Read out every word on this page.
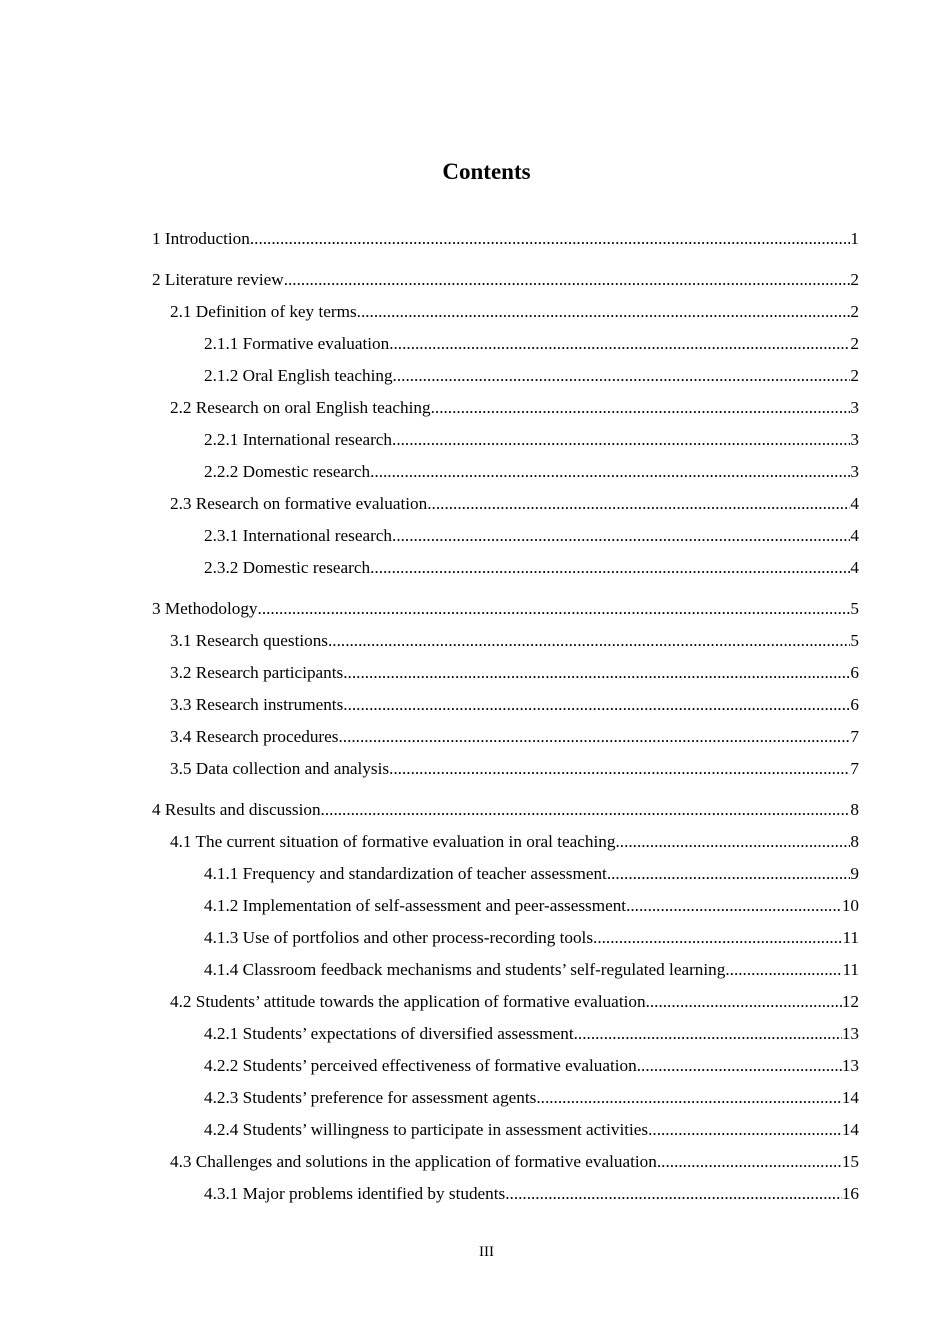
Contents
1 Introduction .....	1
2 Literature review .....	2
2.1 Definition of key terms .....	2
2.1.1 Formative evaluation .....	2
2.1.2 Oral English teaching .....	2
2.2 Research on oral English teaching .....	3
2.2.1 International research .....	3
2.2.2 Domestic research .....	3
2.3 Research on formative evaluation .....	4
2.3.1 International research .....	4
2.3.2 Domestic research .....	4
3 Methodology .....	5
3.1 Research questions .....	5
3.2 Research participants .....	6
3.3 Research instruments .....	6
3.4 Research procedures .....	7
3.5 Data collection and analysis .....	7
4 Results and discussion .....	8
4.1 The current situation of formative evaluation in oral teaching .....	8
4.1.1 Frequency and standardization of teacher assessment .....	9
4.1.2 Implementation of self-assessment and peer-assessment .....	10
4.1.3 Use of portfolios and other process-recording tools .....	11
4.1.4 Classroom feedback mechanisms and students’ self-regulated learning .....	11
4.2 Students’ attitude towards the application of formative evaluation .....	12
4.2.1 Students’ expectations of diversified assessment .....	13
4.2.2 Students’ perceived effectiveness of formative evaluation .....	13
4.2.3 Students’ preference for assessment agents .....	14
4.2.4 Students’ willingness to participate in assessment activities .....	14
4.3 Challenges and solutions in the application of formative evaluation .....	15
4.3.1 Major problems identified by students .....	16
III
